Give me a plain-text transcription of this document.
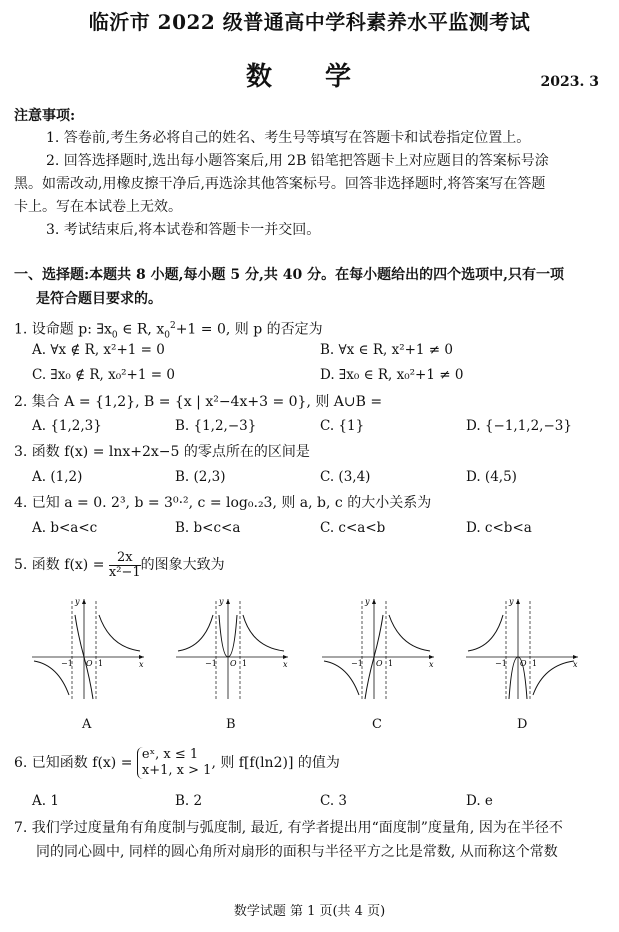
临沂市 2022 级普通高中学科素养水平监测考试
数 学	2023. 3
注意事项:
1. 答卷前,考生务必将自己的姓名、考生号等填写在答题卡和试卷指定位置上。
2. 回答选择题时,选出每小题答案后,用 2B 铅笔把答题卡上对应题目的答案标号涂
黑。如需改动,用橡皮擦干净后,再选涂其他答案标号。回答非选择题时,将答案写在答题
卡上。写在本试卷上无效。
3. 考试结束后,将本试卷和答题卡一并交回。
一、选择题:本题共 8 小题,每小题 5 分,共 40 分。在每小题给出的四个选项中,只有一项
是符合题目要求的。
1. 设命题 p: $\exists x_0$ ∈ R, $x_0^2+1 = 0$, 则 p 的否定为
A. ∀x ∉ R, x²+1 = 0	B. ∀x ∈ R, x²+1 ≠ 0
C. ∃x₀ ∉ R, x₀²+1 = 0	D. ∃x₀ ∈ R, x₀²+1 ≠ 0
2. 集合 A = {1,2}, B = {x | x²−4x+3 = 0}, 则 A∪B =
A. {1,2,3}	B. {1,2,−3}	C. {1}	D. {−1,1,2,−3}
3. 函数 f(x) = lnx+2x−5 的零点所在的区间是
A. (1,2)	B. (2,3)	C. (3,4)	D. (4,5)
4. 已知 a = 0. 2³, b = 3⁰·², c = log₀.₂3, 则 a, b, c 的大小关系为
A. b<a<c	B. b<c<a	C. c<a<b	D. c<b<a
5. 函数 $f(x) = \frac{2x}{\text{x²−1}}$ 的图象大致为
y
x
−1 O 1
y
x
−1 O 1
y
x
−1 O 1
y
x
−1 O 1
A	B	C	D
6. 已知函数 f(x) =
eˣ, x ≤ 1
x+1, x > 1 , 则 f[f(ln2)] 的值为
A. 1	B. 2	C. 3	D. e
7. 我们学过度量角有角度制与弧度制, 最近, 有学者提出用“面度制”度量角, 因为在半径不
同的同心圆中, 同样的圆心角所对扇形的面积与半径平方之比是常数, 从而称这个常数
数学试题 第 1 页(共 4 页)
